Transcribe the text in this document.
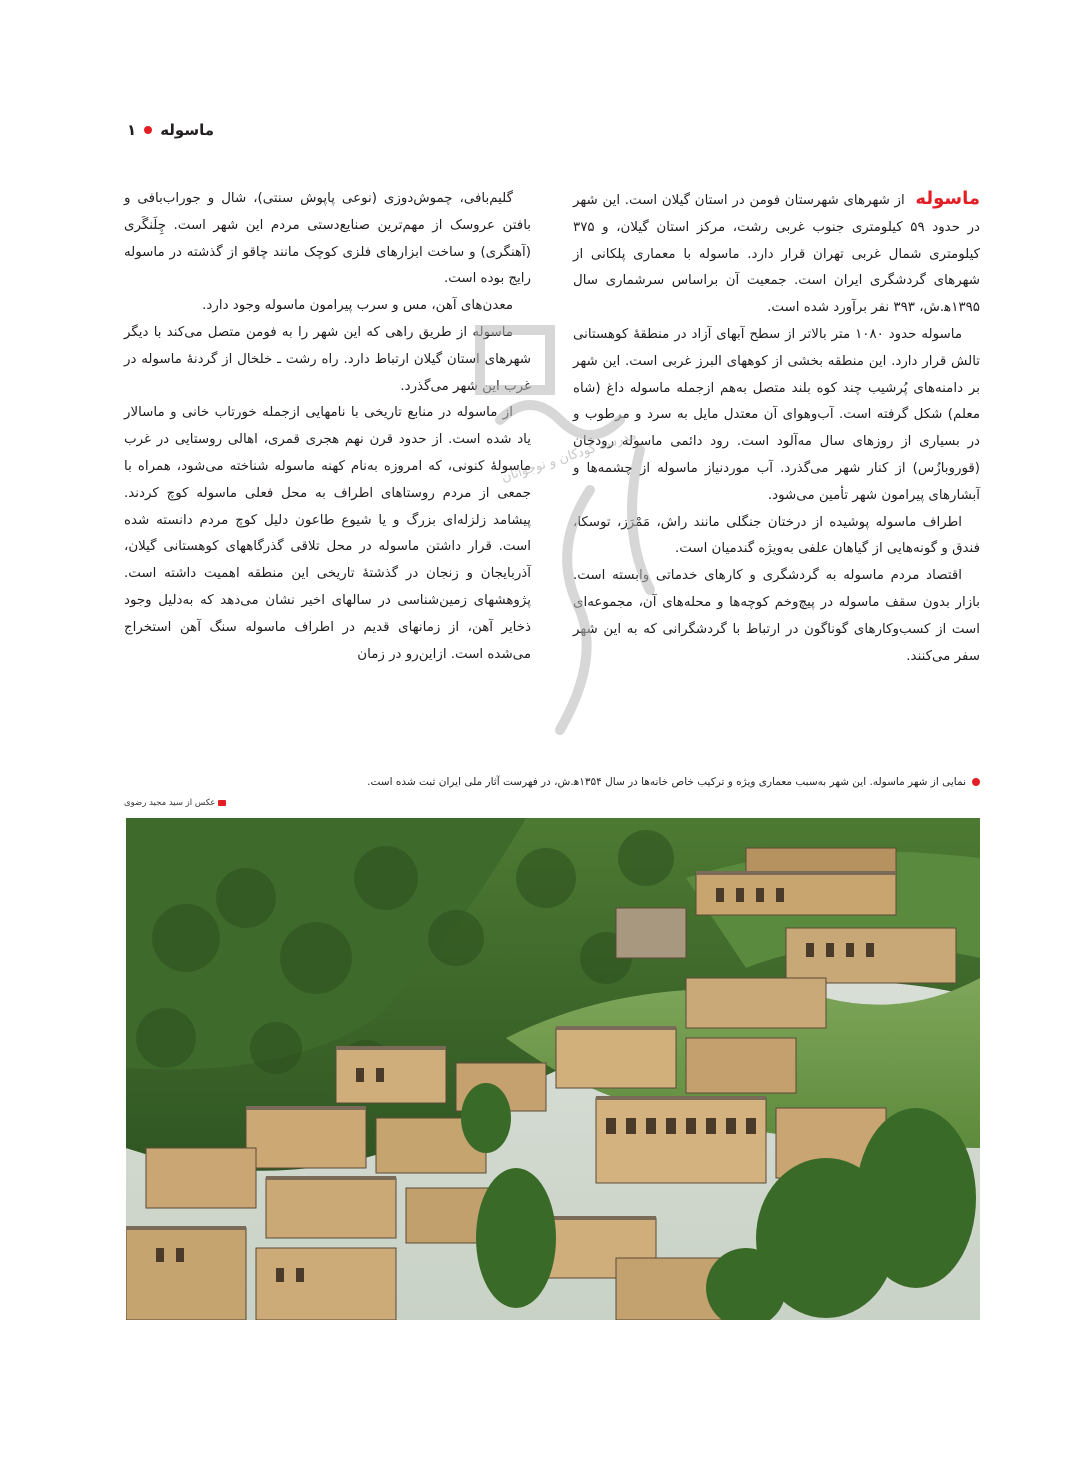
ماسوله
۱

ماسوله از شهرهای شهرستان فومن در استان گیلان است. این شهر در حدود ۵۹ کیلومتری جنوب غربی رشت، مرکز استان گیلان، و ۳۷۵ کیلومتری شمال غربی تهران قرار دارد. ماسوله با معماری پلکانی از شهرهای گردشگری ایران است. جمعیت آن براساس سرشماری سال ۱۳۹۵ﻫ.ش، ۳۹۳ نفر برآورد شده است.

ماسوله حدود ۱۰۸۰ متر بالاتر از سطح آبهای آزاد در منطقهٔ کوهستانی تالش قرار دارد. این منطقه بخشی از کوههای البرز غربی است. این شهر بر دامنه‌های پُرشیب چند کوه بلند متصل به‌هم ازجمله ماسوله داغ (شاه معلم) شکل گرفته است. آب‌وهوای آن معتدل مایل به سرد و مرطوب و در بسیاری از روزهای سال مه‌آلود است. رود دائمی ماسوله رودخان (قوروبازُس) از کنار شهر می‌گذرد. آب موردنیاز ماسوله از چشمه‌ها و آبشارهای پیرامون شهر تأمین می‌شود.

اطراف ماسوله پوشیده از درختان جنگلی مانند راش، مَمْرَز، توسکا، فندق و گونه‌هایی از گیاهان علفی به‌ویژه گندمیان است.

اقتصاد مردم ماسوله به گردشگری و کارهای خدماتی وابسته است. بازار بدون سقف ماسوله در پیچ‌وخم کوچه‌ها و محله‌های آن، مجموعه‌ای است از کسب‌وکارهای گوناگون در ارتباط با گردشگرانی که به این شهر سفر می‌کنند.

گلیم‌بافی، چموش‌دوزی (نوعی پاپوش سنتی)، شال و جوراب‌بافی و بافتن عروسک از مهم‌ترین صنایع‌دستی مردم این شهر است. چِلَنگَری (آهنگری) و ساخت ابزارهای فلزی کوچک مانند چاقو از گذشته در ماسوله رایج بوده است.

معدن‌های آهن، مس و سرب پیرامون ماسوله وجود دارد.

ماسوله از طریق راهی که این شهر را به فومن متصل می‌کند با دیگر شهرهای استان گیلان ارتباط دارد. راه رشت ـ خلخال از گردنهٔ ماسوله در غرب این شهر می‌گذرد.

از ماسوله در منابع تاریخی با نامهایی ازجمله خورتاب خانی و ماسالار یاد شده است. از حدود قرن نهم هجری قمری، اهالی روستایی در غرب ماسولهٔ کنونی، که امروزه به‌نام کهنه ماسوله شناخته می‌شود، همراه با جمعی از مردم روستاهای اطراف به محل فعلی ماسوله کوچ کردند. پیشامد زلزله‌ای بزرگ و یا شیوع طاعون دلیل کوچ مردم دانسته شده است. قرار داشتن ماسوله در محل تلاقی گذرگاههای کوهستانی گیلان، آذربایجان و زنجان در گذشتهٔ تاریخی این منطقه اهمیت داشته است. پژوهشهای زمین‌شناسی در سالهای اخیر نشان می‌دهد که به‌دلیل وجود ذخایر آهن، از زمانهای قدیم در اطراف ماسوله سنگ آهن استخراج می‌شده است. ازاین‌رو در زمان

مدرسه کودکان و نوجوانان
نمایی از شهر ماسوله. این شهر به‌سبب معماری ویژه و ترکیب خاص خانه‌ها در سال ۱۳۵۴ﻫ.ش، در فهرست آثار ملی ایران ثبت شده است.
عکس از سید مجید رضوی
